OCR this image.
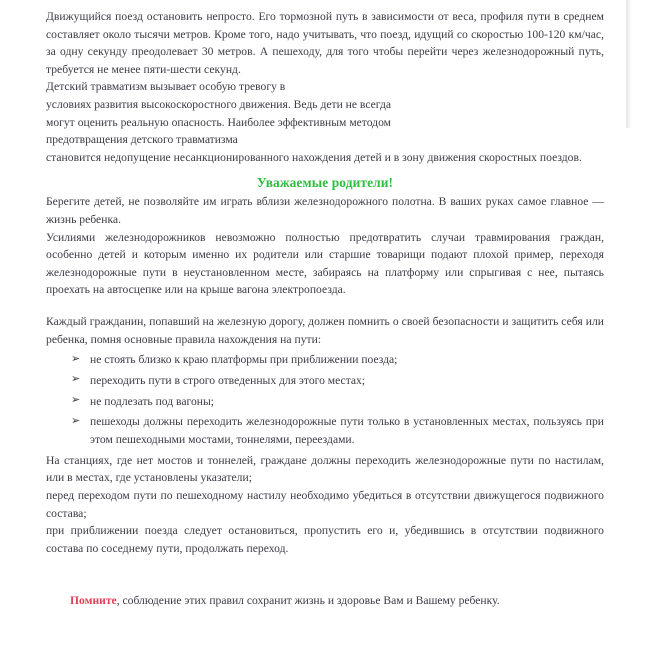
Движущийся поезд остановить непросто. Его тормозной путь в зависимости от веса, профиля пути в среднем составляет около тысячи метров. Кроме того, надо учитывать, что поезд, идущий со скоростью 100-120 км/час, за одну секунду преодолевает 30 метров. А пешеходу, для того чтобы перейти через железнодорожный путь, требуется не менее пяти-шести секунд.

Детский травматизм вызывает особую тревогу в

условиях развития высокоскоростного движения. Ведь дети не всегда могут оценить реальную опасность. Наиболее эффективным методом предотвращения детского травматизма

становится недопущение несанкционированного нахождения детей и в зону движения скоростных поездов.

Уважаемые родители!

Берегите детей, не позволяйте им играть вблизи железнодорожного полотна. В ваших руках самое главное — жизнь ребенка.

Усилиями железнодорожников невозможно полностью предотвратить случаи травмирования граждан, особенно детей и которым именно их родители или старшие товарищи подают плохой пример, переходя железнодорожные пути в неустановленном месте, забираясь на платформу или спрыгивая с нее, пытаясь проехать на автосцепке или на крыше вагона электропоезда.

Каждый гражданин, попавший на железную дорогу, должен помнить о своей безопасности и защитить себя или ребенка, помня основные правила нахождения на пути:

➢ не стоять близко к краю платформы при приближении поезда;
➢ переходить пути в строго отведенных для этого местах;
➢ не подлезать под вагоны;
➢ пешеходы должны переходить железнодорожные пути только в установленных местах, пользуясь при этом пешеходными мостами, тоннелями, переездами.

На станциях, где нет мостов и тоннелей, граждане должны переходить железнодорожные пути по настилам, или в местах, где установлены указатели;

перед переходом пути по пешеходному настилу необходимо убедиться в отсутствии движущегося подвижного состава;

при приближении поезда следует остановиться, пропустить его и, убедившись в отсутствии подвижного состава по соседнему пути, продолжать переход.

Помните, соблюдение этих правил сохранит жизнь и здоровье Вам и Вашему ребенку.
